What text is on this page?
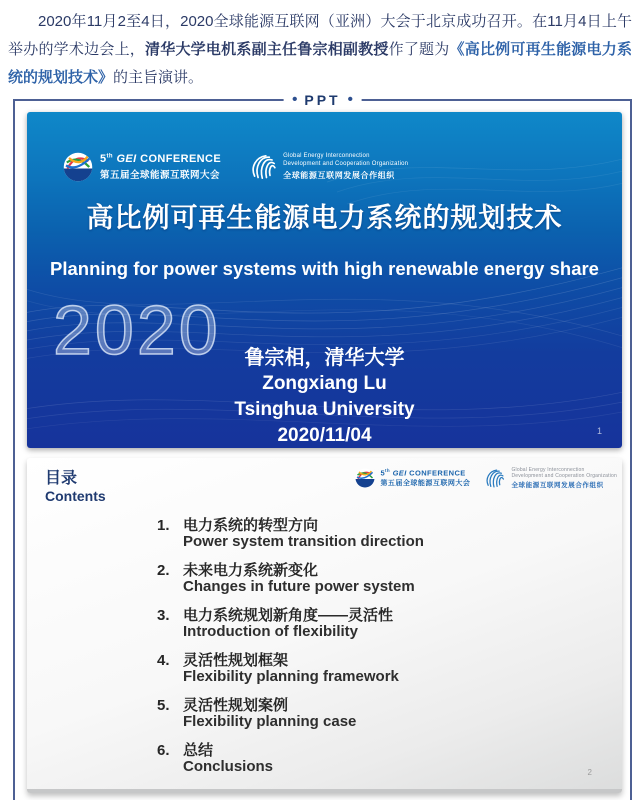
2020年11月2至4日，2020全球能源互联网（亚洲）大会于北京成功召开。在11月4日上午举办的学术边会上，清华大学电机系副主任鲁宗相副教授作了题为《高比例可再生能源电力系统的规划技术》的主旨演讲。

• PPT •
5th GEI CONFERENCE
第五届全球能源互联网大会
Global Energy Interconnection
Development and Cooperation Organization
全球能源互联网发展合作组织
高比例可再生能源电力系统的规划技术
Planning for power systems with high renewable energy share
2020	鲁宗相，清华大学
Zongxiang Lu
Tsinghua University
2020/11/04	1
目录
Contents
5th GEI CONFERENCE
第五届全球能源互联网大会
Global Energy Interconnection
Development and Cooperation Organization
全球能源互联网发展合作组织
1. 电力系统的转型方向
Power system transition direction
2. 未来电力系统新变化
Changes in future power system
3. 电力系统规划新角度——灵活性
Introduction of flexibility
4. 灵活性规划框架
Flexibility planning framework
5. 灵活性规划案例
Flexibility planning case
6. 总结
Conclusions	2
